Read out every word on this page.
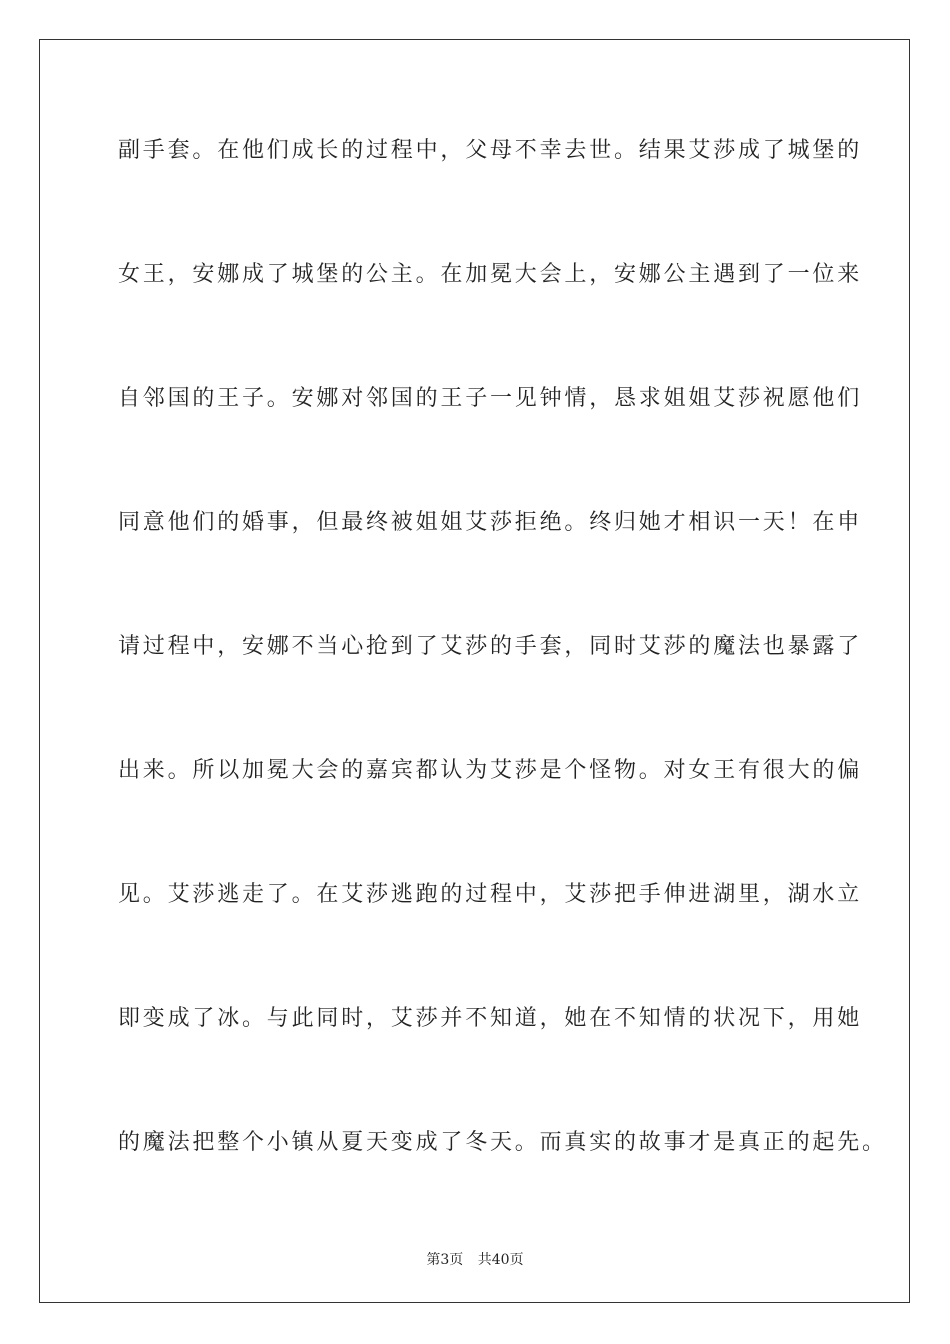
副手套。在他们成长的过程中，父母不幸去世。结果艾莎成了城堡的
女王，安娜成了城堡的公主。在加冕大会上，安娜公主遇到了一位来
自邻国的王子。安娜对邻国的王子一见钟情，恳求姐姐艾莎祝愿他们
同意他们的婚事，但最终被姐姐艾莎拒绝。终归她才相识一天！在申
请过程中，安娜不当心抢到了艾莎的手套，同时艾莎的魔法也暴露了
出来。所以加冕大会的嘉宾都认为艾莎是个怪物。对女王有很大的偏
见。艾莎逃走了。在艾莎逃跑的过程中，艾莎把手伸进湖里，湖水立
即变成了冰。与此同时，艾莎并不知道，她在不知情的状况下，用她
的魔法把整个小镇从夏天变成了冬天。而真实的故事才是真正的起先。
第3页 共40页
